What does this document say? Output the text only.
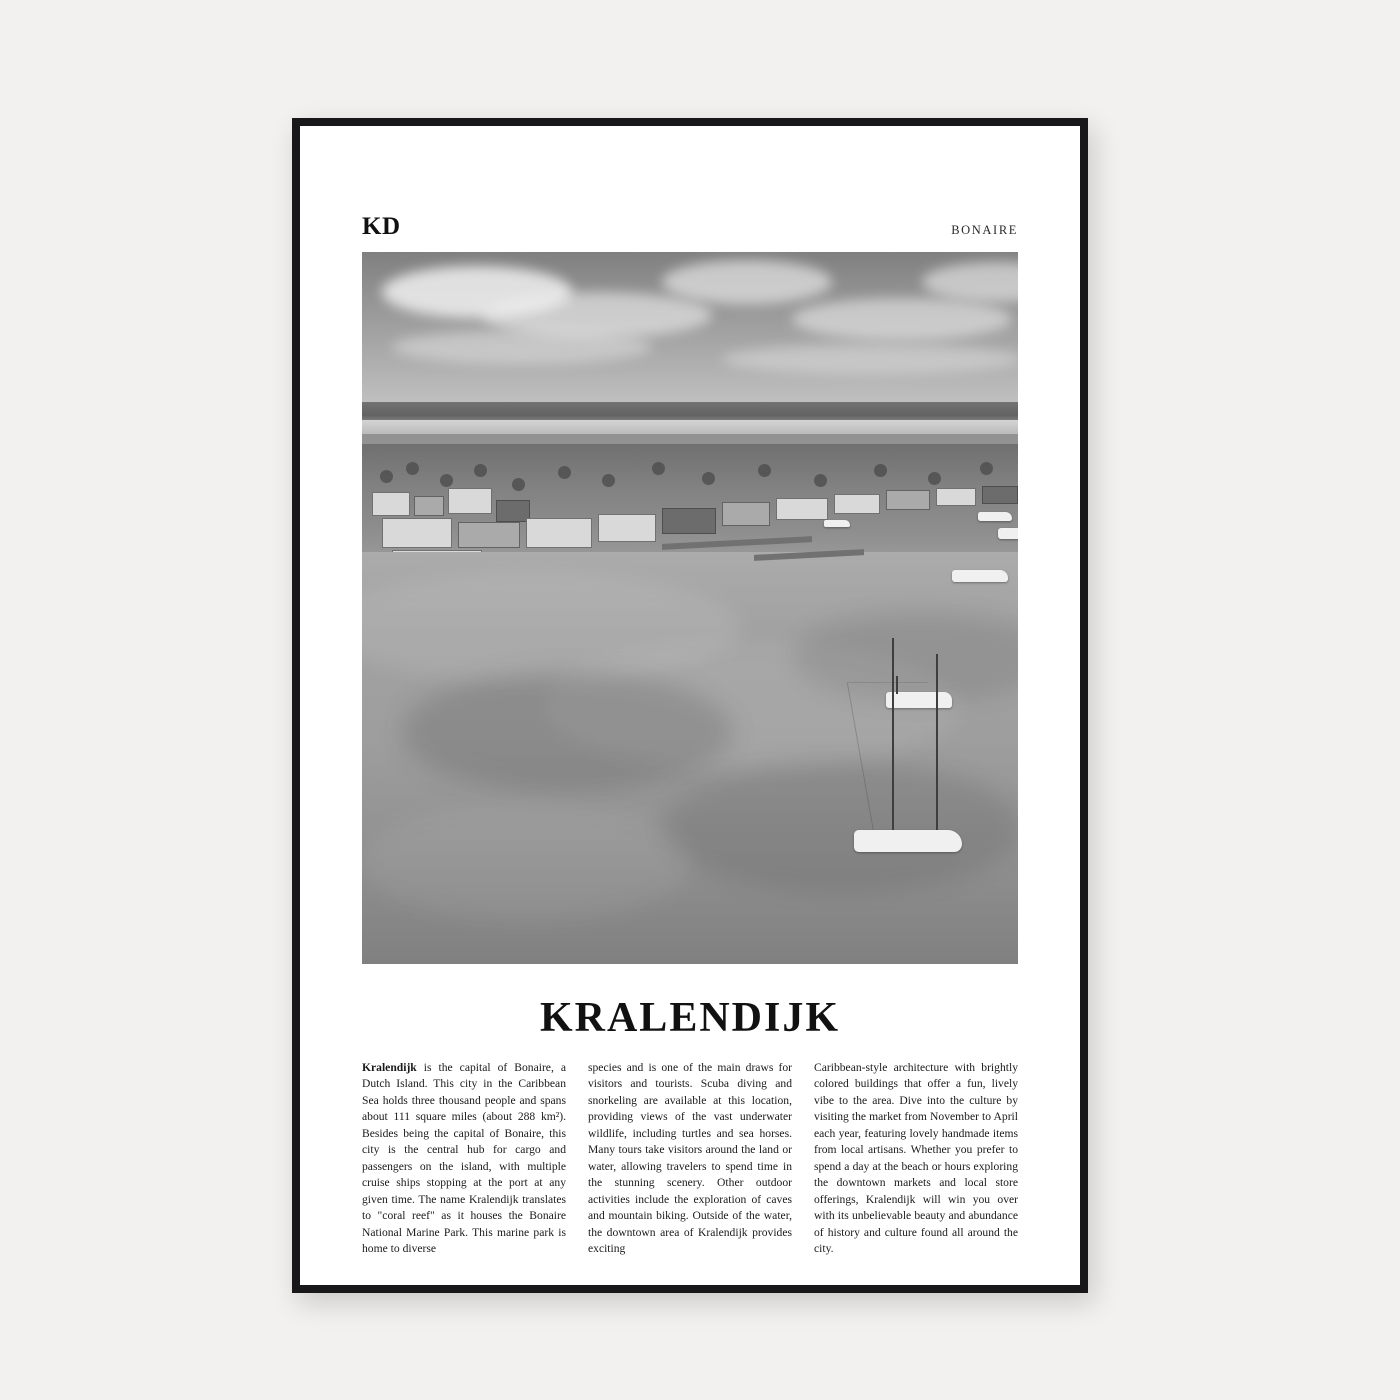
KD	BONAIRE
KRALENDIJK
Kralendijk is the capital of Bonaire, a Dutch Island. This city in the Caribbean Sea holds three thousand people and spans about 111 square miles (about 288 km²). Besides being the capital of Bonaire, this city is the central hub for cargo and passengers on the island, with multiple cruise ships stopping at the port at any given time. The name Kralendijk translates to "coral reef" as it houses the Bonaire National Marine Park. This marine park is home to diverse
species and is one of the main draws for visitors and tourists. Scuba diving and snorkeling are available at this location, providing views of the vast underwater wildlife, including turtles and sea horses. Many tours take visitors around the land or water, allowing travelers to spend time in the stunning scenery. Other outdoor activities include the exploration of caves and mountain biking. Outside of the water, the downtown area of Kralendijk provides exciting
Caribbean-style architecture with brightly colored buildings that offer a fun, lively vibe to the area. Dive into the culture by visiting the market from November to April each year, featuring lovely handmade items from local artisans. Whether you prefer to spend a day at the beach or hours exploring the downtown markets and local store offerings, Kralendijk will win you over with its unbelievable beauty and abundance of history and culture found all around the city.
